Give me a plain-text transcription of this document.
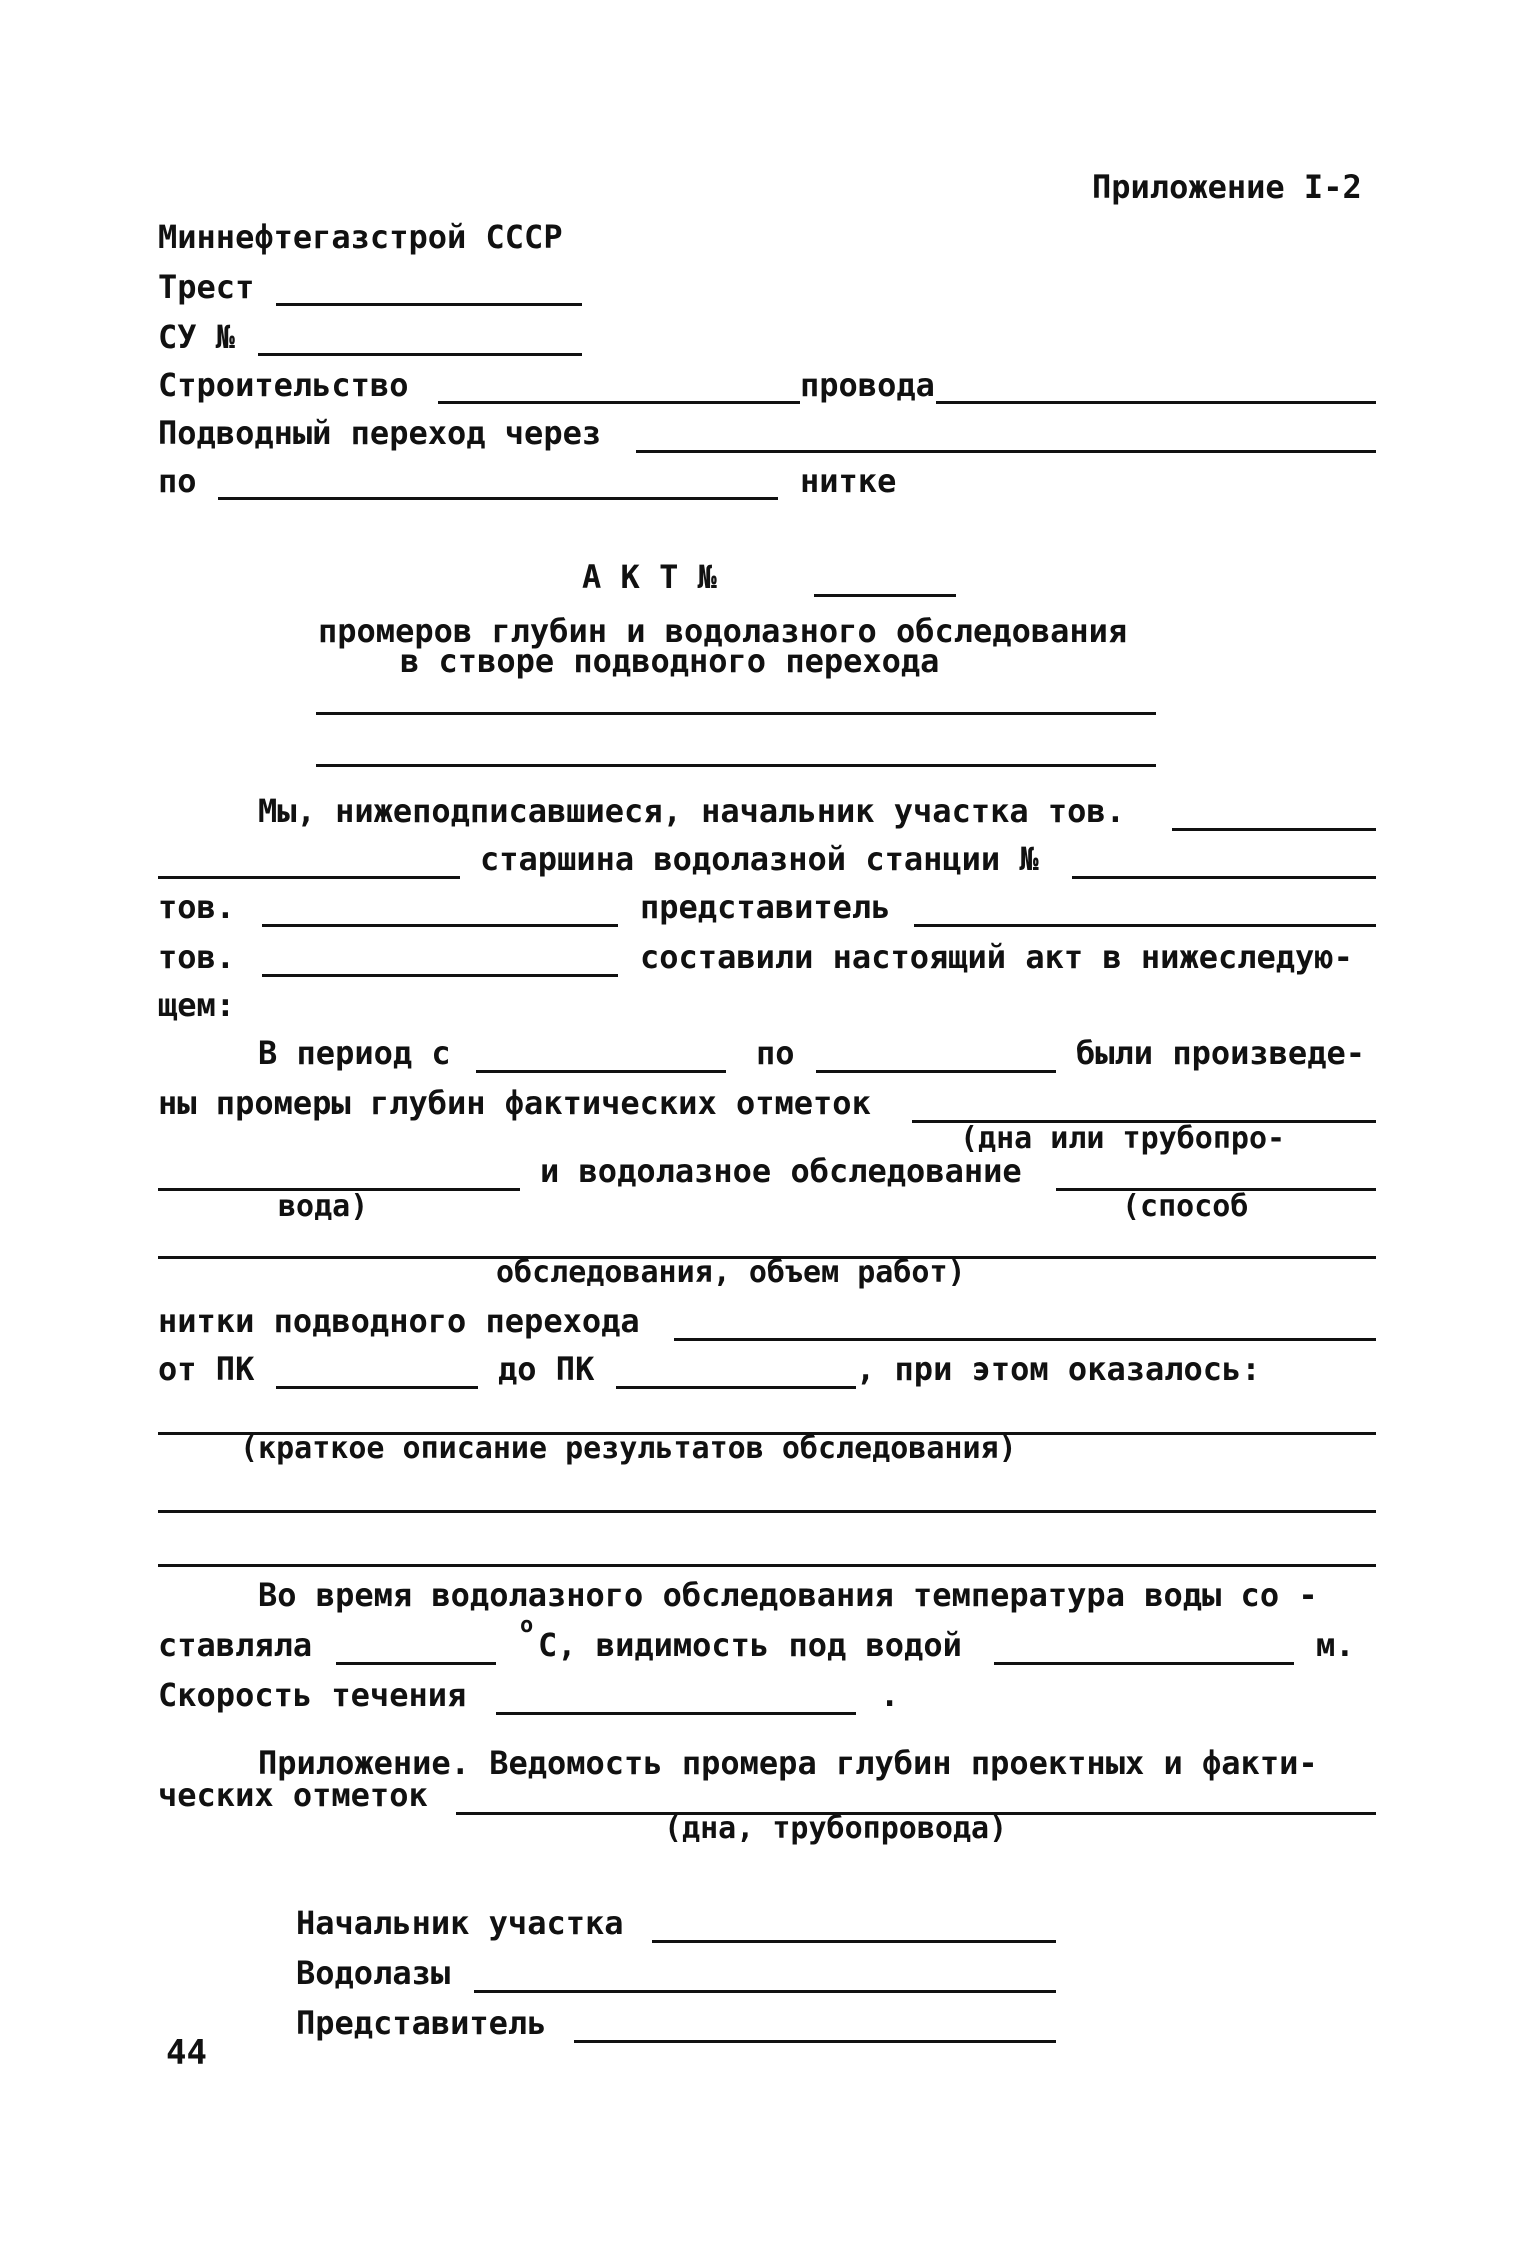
Приложение I-2
Миннефтегазстрой СССР
Трест
СУ №
Строительство	провода
Подводный переход через
по	нитке
А К Т №
промеров глубин и водолазного обследования
в створе подводного перехода
Мы, нижеподписавшиеся, начальник участка тов.
старшина водолазной станции №
тов.	представитель
тов.	составили настоящий акт в нижеследую-
щем:
В период с	по	были произведе-
ны промеры глубин фактических отметок
(дна или трубопро-
и водолазное обследование
вода)	(способ
обследования, объем работ)
нитки подводного перехода
от ПК	до ПК	, при этом оказалось:
(краткое описание результатов обследования)
Во время водолазного обследования температура воды со -
ставляла
о
С, видимость под водой	м.
Скорость течения	.
Приложение. Ведомость промера глубин проектных и факти-
ческих отметок
(дна, трубопровода)
Начальник участка
Водолазы
Представитель
44
